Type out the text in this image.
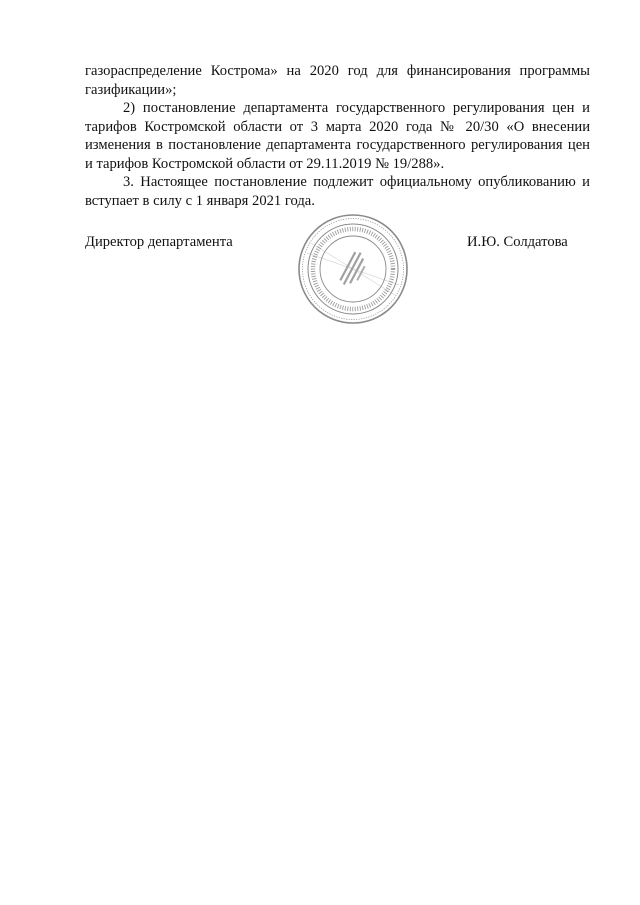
газораспределение Кострома» на 2020 год для финансирования программы газификации»;

2) постановление департамента государственного регулирования цен и тарифов Костромской области от 3 марта 2020 года № 20/30 «О внесении изменения в постановление департамента государственного регулирования цен и тарифов Костромской области от 29.11.2019 № 19/288».

3. Настоящее постановление подлежит официальному опубликованию и вступает в силу с 1 января 2021 года.

Директор департамента	И.Ю. Солдатова
